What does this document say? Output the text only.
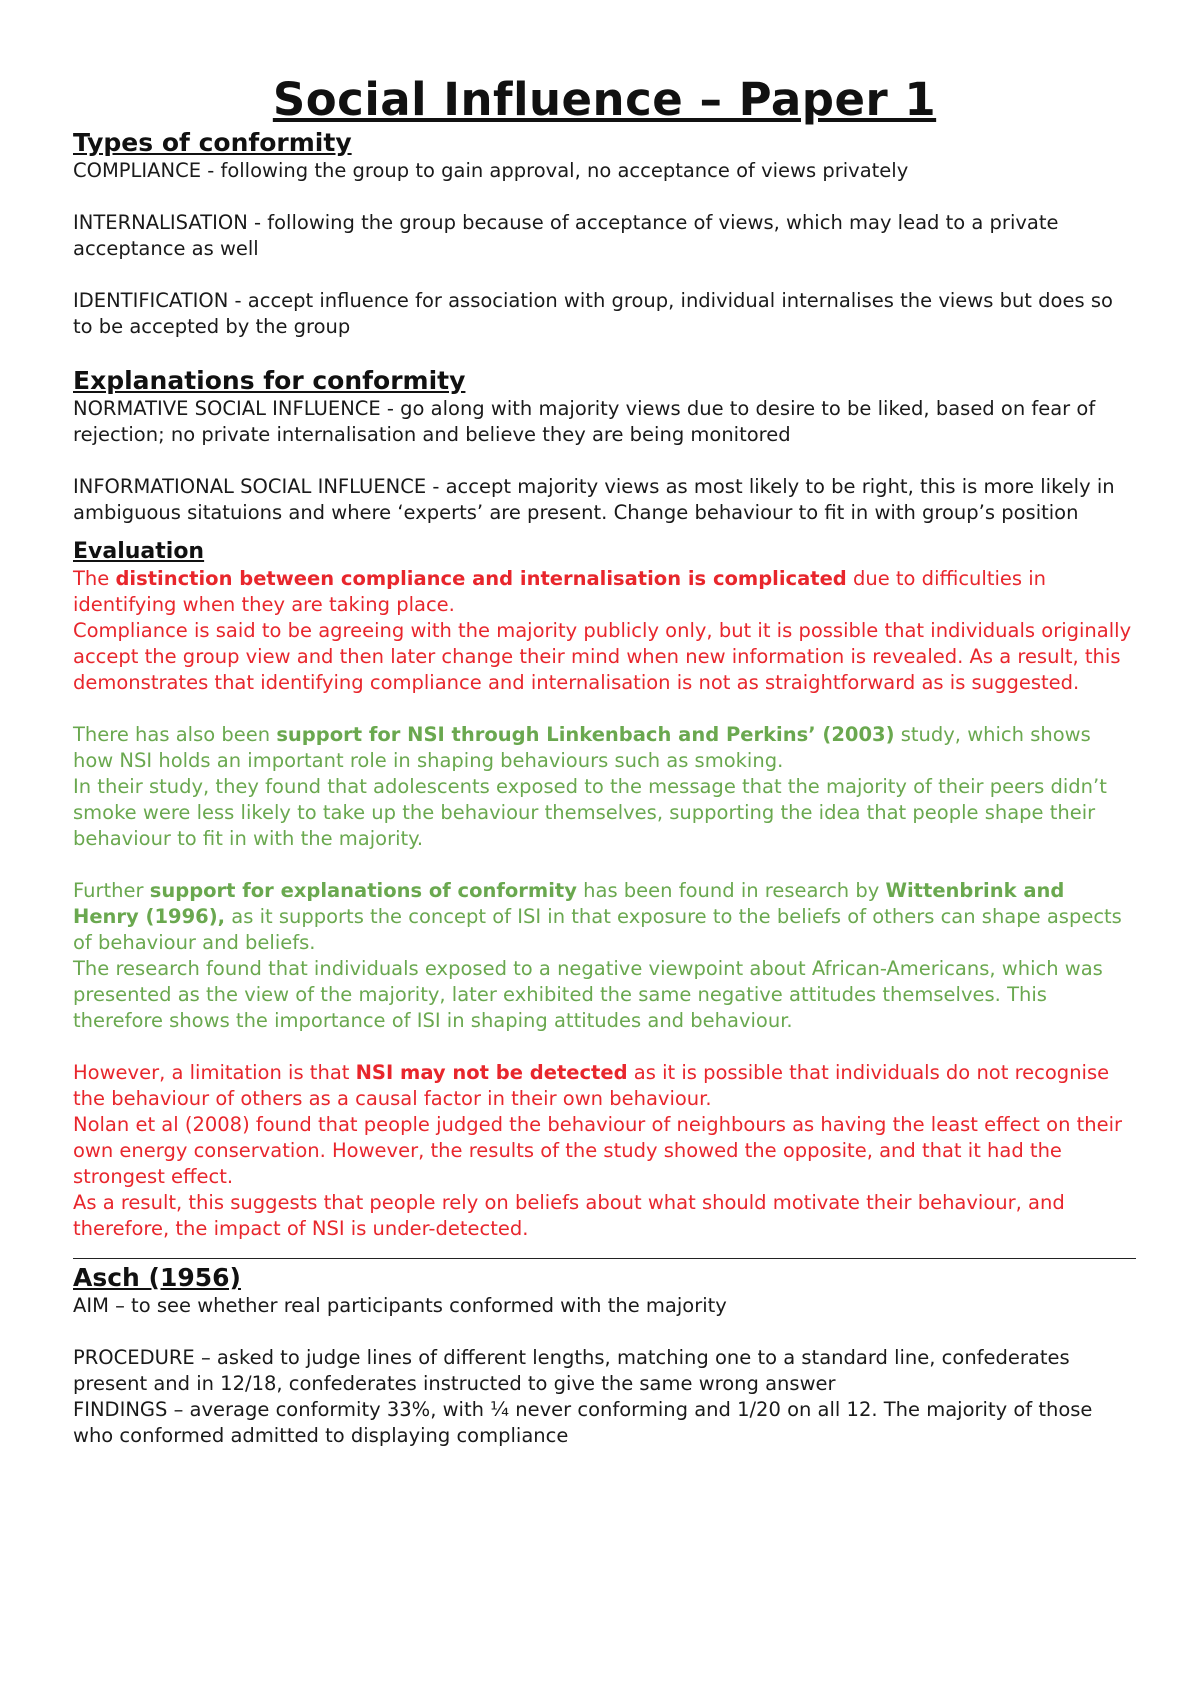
Social Influence – Paper 1
Types of conformity

COMPLIANCE - following the group to gain approval, no acceptance of views privately

INTERNALISATION - following the group because of acceptance of views, which may lead to a private acceptance as well

IDENTIFICATION - accept influence for association with group, individual internalises the views but does so to be accepted by the group

Explanations for conformity

NORMATIVE SOCIAL INFLUENCE - go along with majority views due to desire to be liked, based on fear of rejection; no private internalisation and believe they are being monitored

INFORMATIONAL SOCIAL INFLUENCE - accept majority views as most likely to be right, this is more likely in ambiguous sitatuions and where ‘experts’ are present. Change behaviour to fit in with group’s position

Evaluation

The distinction between compliance and internalisation is complicated due to difficulties in identifying when they are taking place.

Compliance is said to be agreeing with the majority publicly only, but it is possible that individuals originally accept the group view and then later change their mind when new information is revealed. As a result, this demonstrates that identifying compliance and internalisation is not as straightforward as is suggested.

There has also been support for NSI through Linkenbach and Perkins’ (2003) study, which shows how NSI holds an important role in shaping behaviours such as smoking.

In their study, they found that adolescents exposed to the message that the majority of their peers didn’t smoke were less likely to take up the behaviour themselves, supporting the idea that people shape their behaviour to fit in with the majority.

Further support for explanations of conformity has been found in research by Wittenbrink and Henry (1996), as it supports the concept of ISI in that exposure to the beliefs of others can shape aspects of behaviour and beliefs.

The research found that individuals exposed to a negative viewpoint about African-Americans, which was presented as the view of the majority, later exhibited the same negative attitudes themselves. This therefore shows the importance of ISI in shaping attitudes and behaviour.

However, a limitation is that NSI may not be detected as it is possible that individuals do not recognise the behaviour of others as a causal factor in their own behaviour.

Nolan et al (2008) found that people judged the behaviour of neighbours as having the least effect on their own energy conservation. However, the results of the study showed the opposite, and that it had the strongest effect.

As a result, this suggests that people rely on beliefs about what should motivate their behaviour, and therefore, the impact of NSI is under-detected.

Asch (1956)

AIM – to see whether real participants conformed with the majority

PROCEDURE – asked to judge lines of different lengths, matching one to a standard line, confederates present and in 12/18, confederates instructed to give the same wrong answer

FINDINGS – average conformity 33%, with ¼ never conforming and 1/20 on all 12. The majority of those who conformed admitted to displaying compliance
